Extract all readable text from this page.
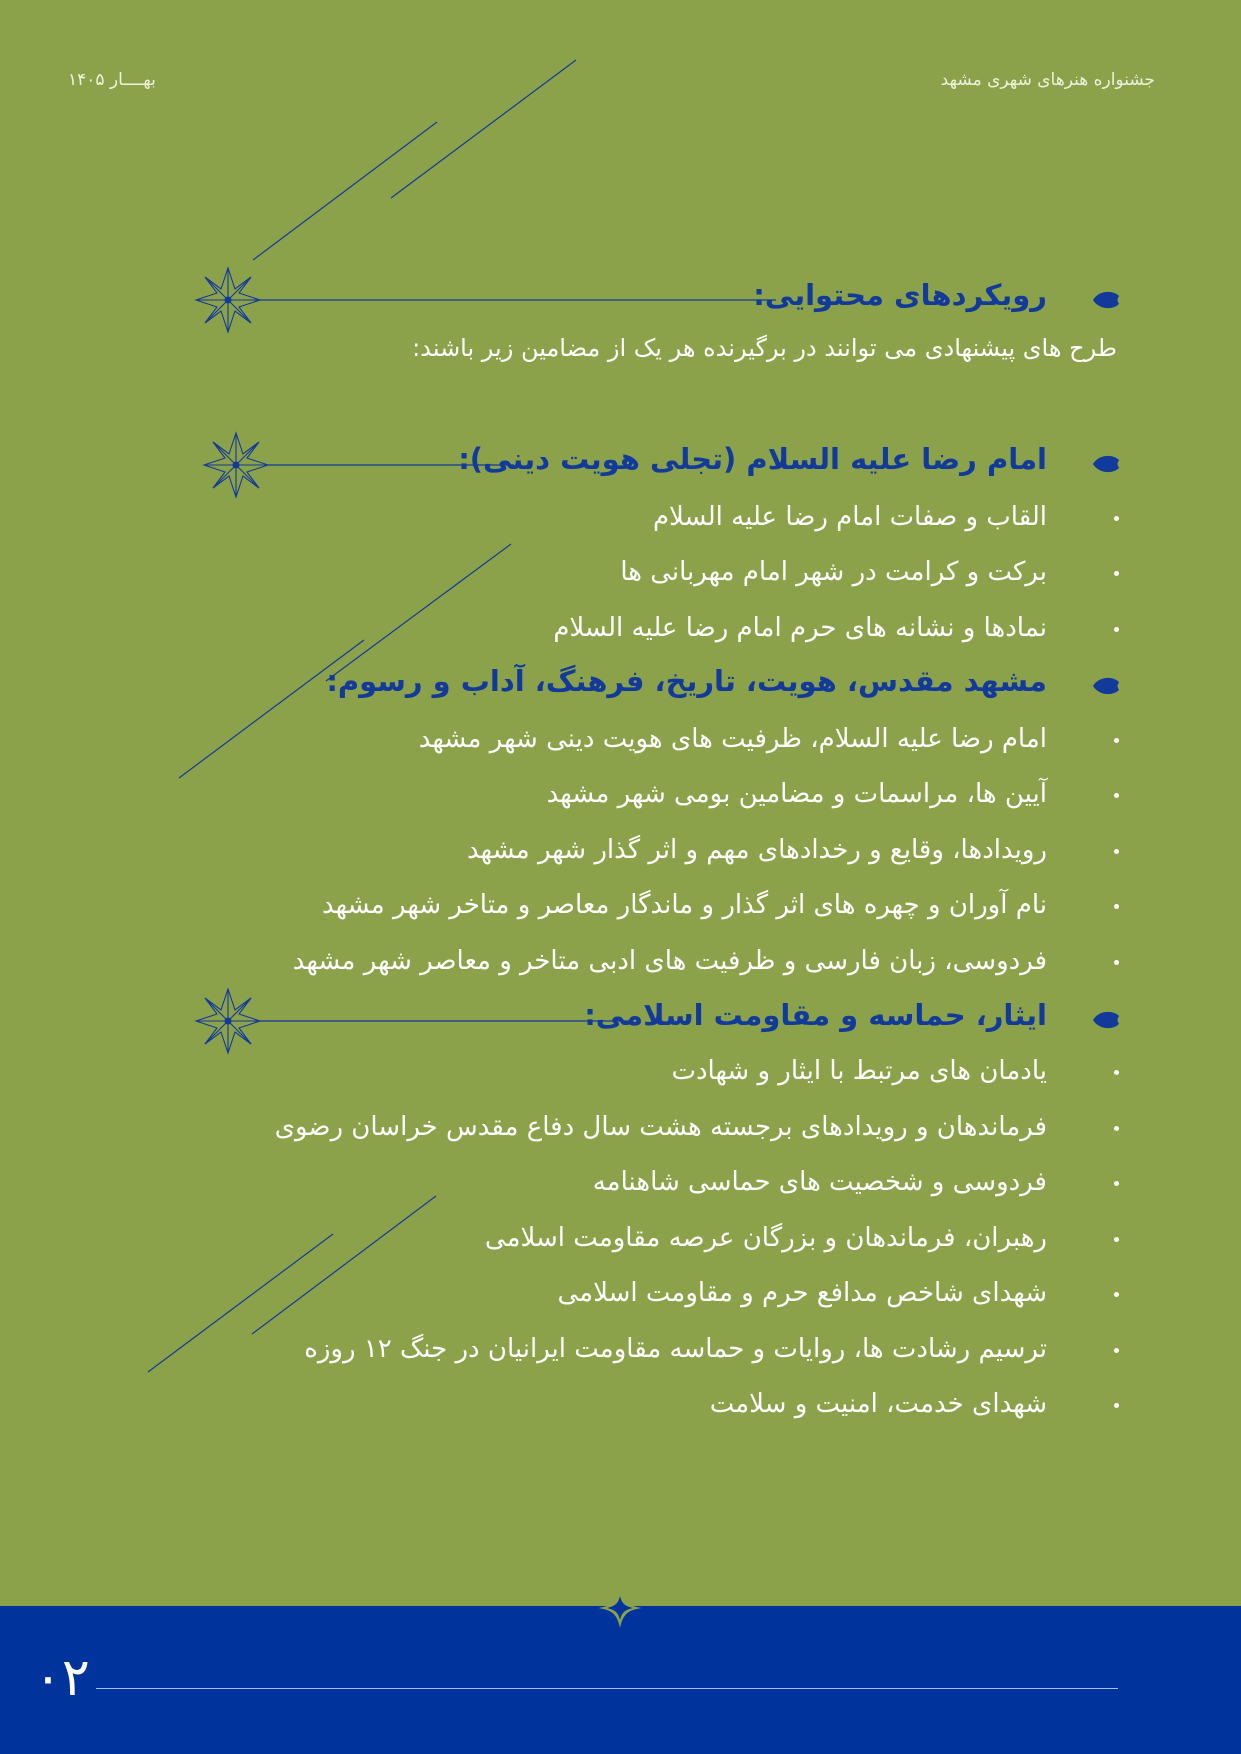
جشنواره هنرهای شهری مشهد
بهــــار ۱۴۰۵
رویکردهای محتوایی:
طرح های پیشنهادی می توانند در برگیرنده هر یک از مضامین زیر باشند:
امام رضا علیه السلام (تجلی هویت دینی):
القاب و صفات امام رضا علیه السلام
برکت و کرامت در شهر امام مهربانی ها
نمادها و نشانه های حرم امام رضا علیه السلام
مشهد مقدس، هویت، تاریخ، فرهنگ، آداب و رسوم:
امام رضا علیه السلام، ظرفیت های هویت دینی شهر مشهد
آیین ها، مراسمات و مضامین بومی شهر مشهد
رویدادها، وقایع و رخدادهای مهم و اثر گذار شهر مشهد
نام آوران و چهره های اثر گذار و ماندگار معاصر و متاخر شهر مشهد
فردوسی، زبان فارسی و ظرفیت های ادبی متاخر و معاصر شهر مشهد
ایثار، حماسه و مقاومت اسلامی:
یادمان های مرتبط با ایثار و شهادت
فرماندهان و رویدادهای برجسته هشت سال دفاع مقدس خراسان رضوی
فردوسی و شخصیت های حماسی شاهنامه
رهبران، فرماندهان و بزرگان عرصه مقاومت اسلامی
شهدای شاخص مدافع حرم و مقاومت اسلامی
ترسیم رشادت ها، روایات و حماسه مقاومت ایرانیان در جنگ ۱۲ روزه
شهدای خدمت، امنیت و سلامت
۰۲
